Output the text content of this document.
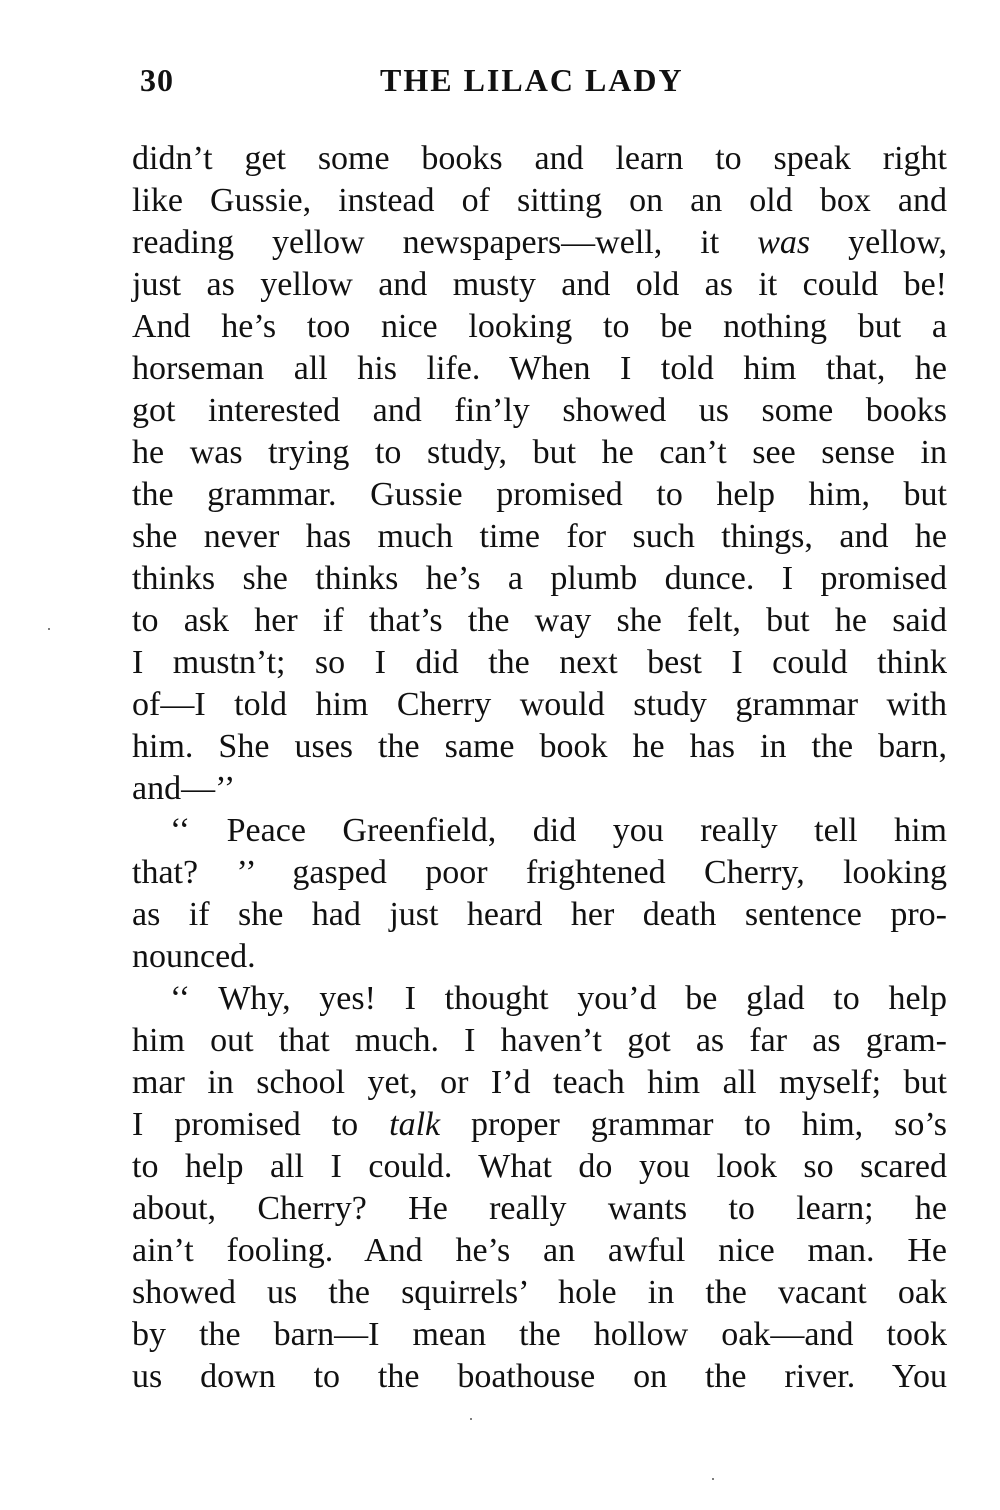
30	THE LILAC LADY
didn’t get some books and learn to speak right
like Gussie, instead of sitting on an old box and
reading yellow newspapers—well, it was yellow,
just as yellow and musty and old as it could be!
And he’s too nice looking to be nothing but a
horseman all his life. When I told him that, he
got interested and fin’ly showed us some books
he was trying to study, but he can’t see sense in
the grammar. Gussie promised to help him, but
she never has much time for such things, and he
thinks she thinks he’s a plumb dunce. I promised
to ask her if that’s the way she felt, but he said
I mustn’t; so I did the next best I could think
of—I told him Cherry would study grammar with
him. She uses the same book he has in the barn,
and—’’
‘‘ Peace Greenfield, did you really tell him
that? ’’ gasped poor frightened Cherry, looking
as if she had just heard her death sentence pro-
nounced.
‘‘ Why, yes! I thought you’d be glad to help
him out that much. I haven’t got as far as gram-
mar in school yet, or I’d teach him all myself; but
I promised to talk proper grammar to him, so’s
to help all I could. What do you look so scared
about, Cherry? He really wants to learn; he
ain’t fooling. And he’s an awful nice man. He
showed us the squirrels’ hole in the vacant oak
by the barn—I mean the hollow oak—and took
us down to the boathouse on the river. You
